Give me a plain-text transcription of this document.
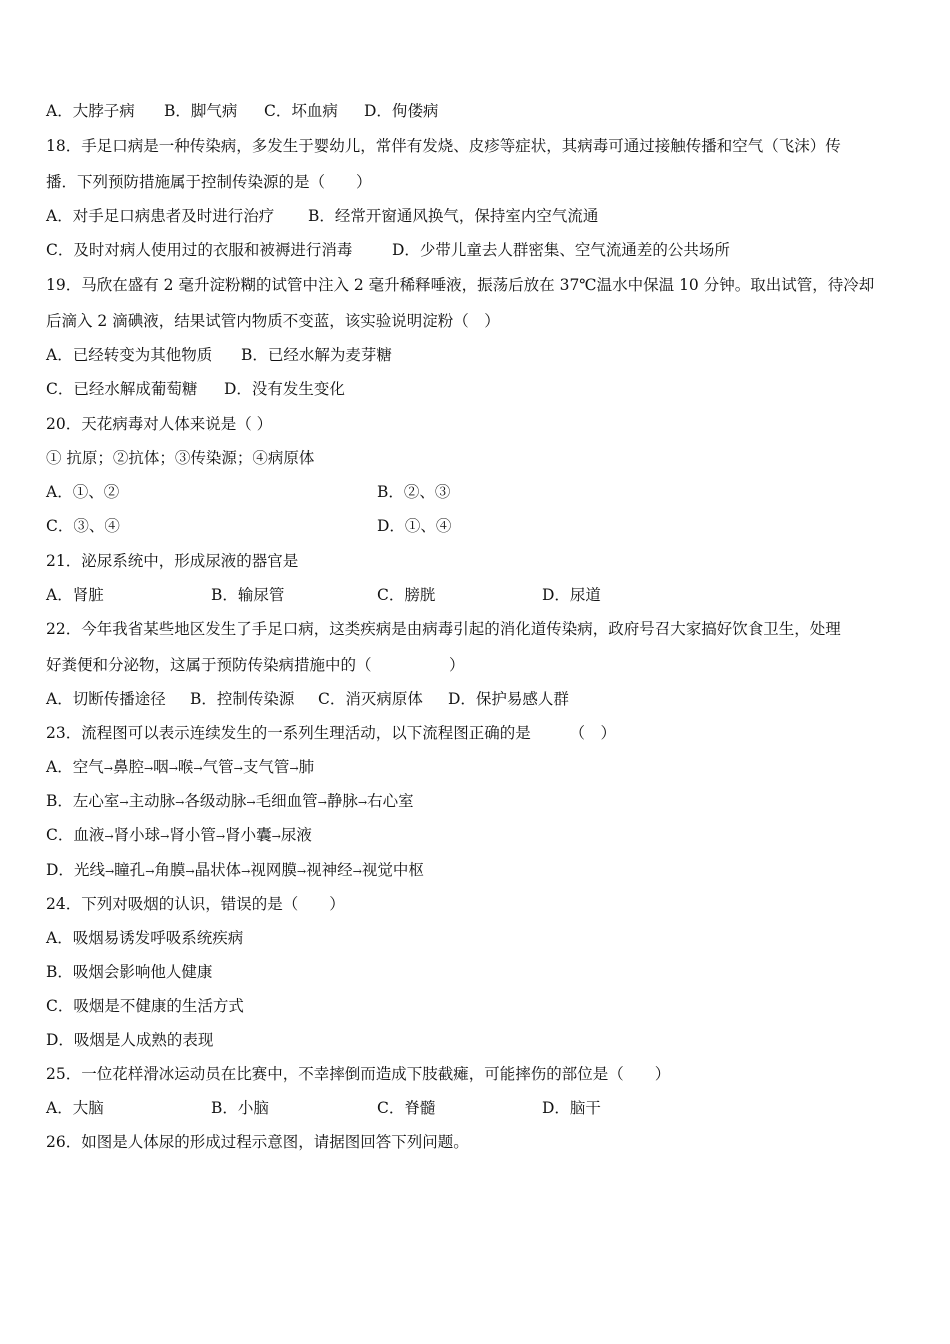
A．大脖子病 B．脚气病 C．坏血病 D．佝偻病
18．手足口病是一种传染病，多发生于婴幼儿，常伴有发烧、皮疹等症状，其病毒可通过接触传播和空气（飞沫）传
播．下列预防措施属于控制传染源的是（　　）
A．对手足口病患者及时进行治疗 B．经常开窗通风换气，保持室内空气流通
C．及时对病人使用过的衣服和被褥进行消毒	D．少带儿童去人群密集、空气流通差的公共场所
19．马欣在盛有 2 毫升淀粉糊的试管中注入 2 毫升稀释唾液，振荡后放在 37℃温水中保温 10 分钟。取出试管，待冷却
后滴入 2 滴碘液，结果试管内物质不变蓝，该实验说明淀粉（　）
A．已经转变为其他物质 B．已经水解为麦芽糖
C．已经水解成葡萄糖 D．没有发生变化
20．天花病毒对人体来说是（ ）
① 抗原；②抗体；③传染源；④病原体
A．①、②	B．②、③
C．③、④	D．①、④
21．泌尿系统中，形成尿液的器官是
A．肾脏	B．输尿管	C．膀胱	D．尿道
22．今年我省某些地区发生了手足口病，这类疾病是由病毒引起的消化道传染病，政府号召大家搞好饮食卫生，处理
好粪便和分泌物，这属于预防传染病措施中的（　　　　　）
A．切断传播途径 B．控制传染源 C．消灭病原体 D．保护易感人群
23．流程图可以表示连续发生的一系列生理活动，以下流程图正确的是　　　（　）
A．空气→鼻腔→咽→喉→气管→支气管→肺
B．左心室→主动脉→各级动脉→毛细血管→静脉→右心室
C．血液→肾小球→肾小管→肾小囊→尿液
D．光线→瞳孔→角膜→晶状体→视网膜→视神经→视觉中枢
24．下列对吸烟的认识，错误的是（　　）
A．吸烟易诱发呼吸系统疾病
B．吸烟会影响他人健康
C．吸烟是不健康的生活方式
D．吸烟是人成熟的表现
25．一位花样滑冰运动员在比赛中，不幸摔倒而造成下肢截瘫，可能摔伤的部位是（　　）
A．大脑	B．小脑	C．脊髓	D．脑干
26．如图是人体尿的形成过程示意图，请据图回答下列问题。
